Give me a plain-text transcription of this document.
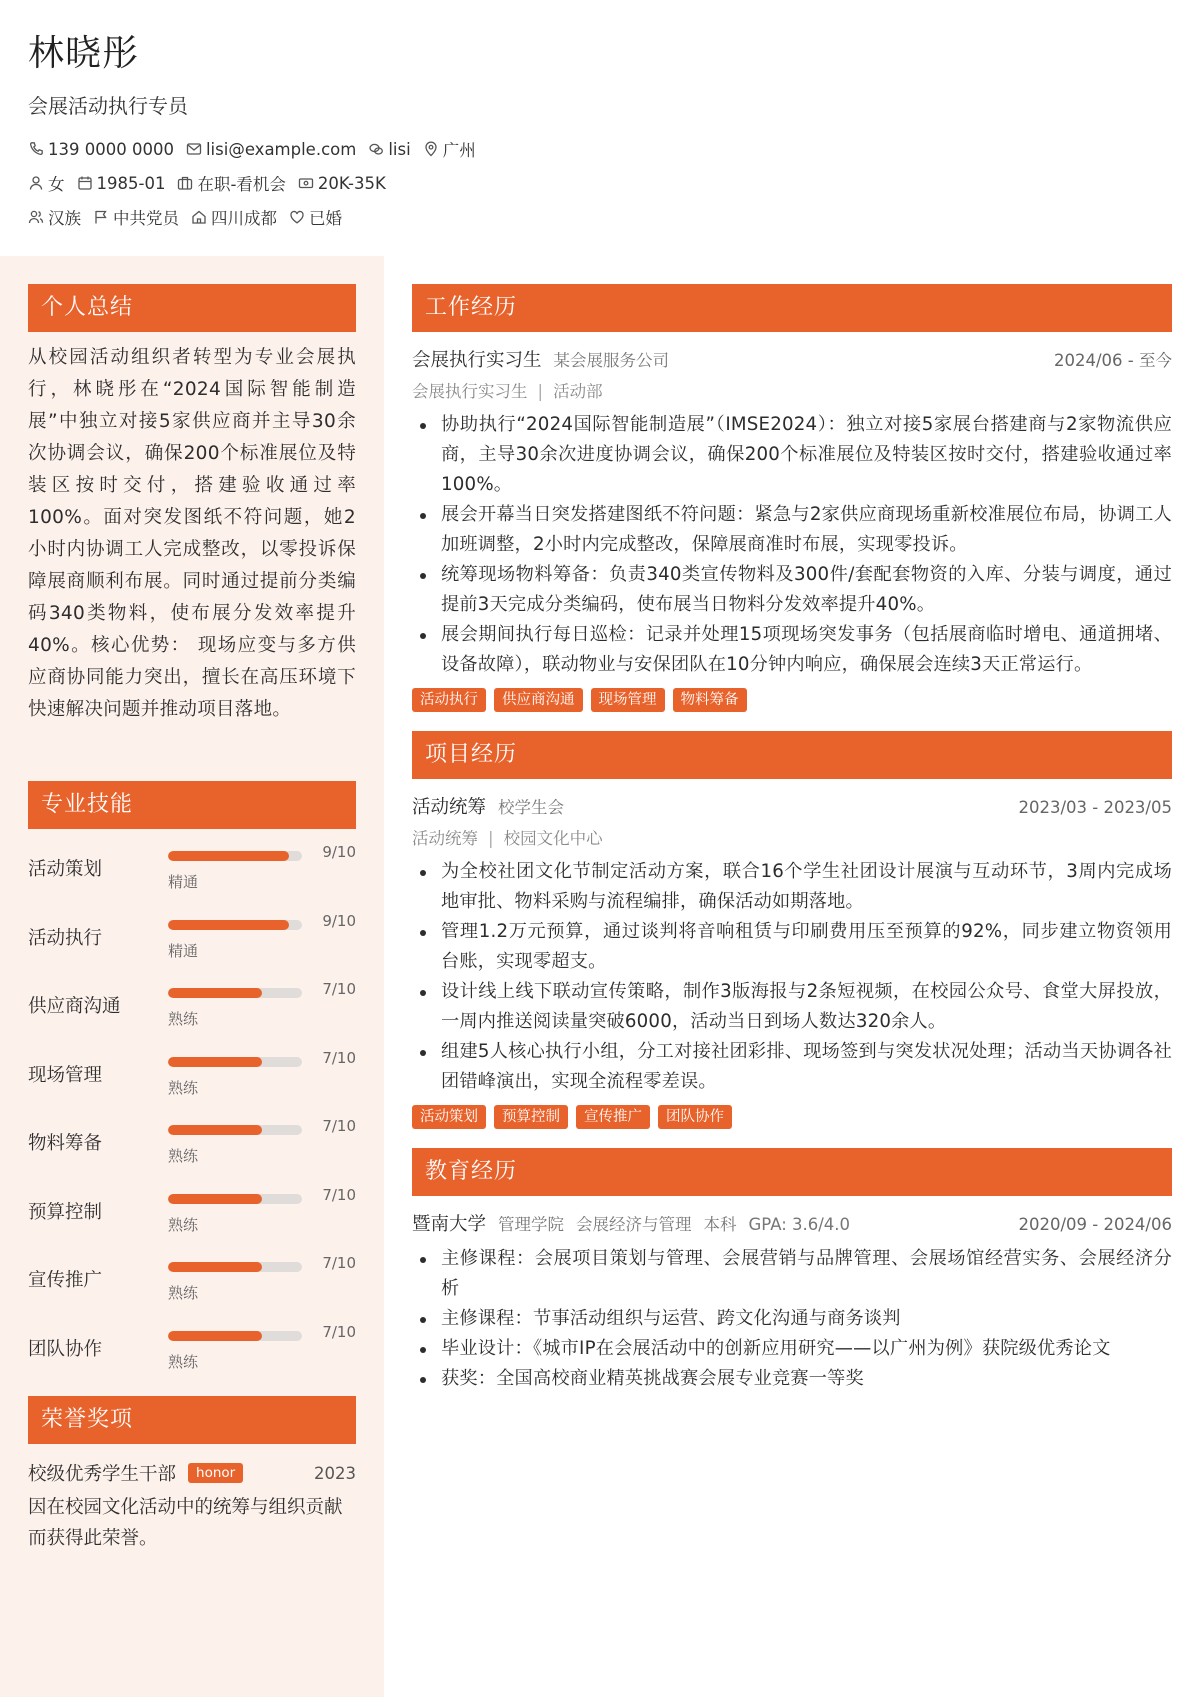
林晓彤
会展活动执行专员
139 0000 0000 lisi@example.com lisi 广州
女 1985-01 在职-看机会 20K-35K
汉族 中共党员 四川成都 已婚
个人总结
从校园活动组织者转型为专业会展执行，林晓彤在“2024国际智能制造展”中独立对接5家供应商并主导30余次协调会议，确保200个标准展位及特装区按时交付，搭建验收通过率100%。面对突发图纸不符问题，她2小时内协调工人完成整改，以零投诉保障展商顺利布展。同时通过提前分类编码340类物料，使布展分发效率提升40%。核心优势： 现场应变与多方供应商协同能力突出，擅长在高压环境下快速解决问题并推动项目落地。
专业技能
活动策划
9/10
精通
活动执行
9/10
精通
供应商沟通
7/10
熟练
现场管理
7/10
熟练
物料筹备
7/10
熟练
预算控制
7/10
熟练
宣传推广
7/10
熟练
团队协作
7/10
熟练
荣誉奖项
校级优秀学生干部	honor	2023
因在校园文化活动中的统筹与组织贡献而获得此荣誉。
工作经历
会展执行实习生 某会展服务公司	2024/06 - 至今
会展执行实习生 | 活动部
协助执行“2024国际智能制造展”（IMSE2024）：独立对接5家展台搭建商与2家物流供应商，主导30余次进度协调会议，确保200个标准展位及特装区按时交付，搭建验收通过率100%。
展会开幕当日突发搭建图纸不符问题：紧急与2家供应商现场重新校准展位布局，协调工人加班调整，2小时内完成整改，保障展商准时布展，实现零投诉。
统筹现场物料筹备：负责340类宣传物料及300件/套配套物资的入库、分装与调度，通过提前3天完成分类编码，使布展当日物料分发效率提升40%。
展会期间执行每日巡检：记录并处理15项现场突发事务（包括展商临时增电、通道拥堵、设备故障），联动物业与安保团队在10分钟内响应，确保展会连续3天正常运行。
活动执行	供应商沟通	现场管理	物料筹备
项目经历
活动统筹 校学生会	2023/03 - 2023/05
活动统筹 | 校园文化中心
为全校社团文化节制定活动方案，联合16个学生社团设计展演与互动环节，3周内完成场地审批、物料采购与流程编排，确保活动如期落地。
管理1.2万元预算，通过谈判将音响租赁与印刷费用压至预算的92%，同步建立物资领用台账，实现零超支。
设计线上线下联动宣传策略，制作3版海报与2条短视频，在校园公众号、食堂大屏投放，一周内推送阅读量突破6000，活动当日到场人数达320余人。
组建5人核心执行小组，分工对接社团彩排、现场签到与突发状况处理；活动当天协调各社团错峰演出，实现全流程零差误。
活动策划	预算控制	宣传推广	团队协作
教育经历
暨南大学 管理学院 会展经济与管理 本科 GPA: 3.6/4.0	2020/09 - 2024/06
主修课程：会展项目策划与管理、会展营销与品牌管理、会展场馆经营实务、会展经济分析
主修课程：节事活动组织与运营、跨文化沟通与商务谈判
毕业设计：《城市IP在会展活动中的创新应用研究——以广州为例》获院级优秀论文
获奖：全国高校商业精英挑战赛会展专业竞赛一等奖
